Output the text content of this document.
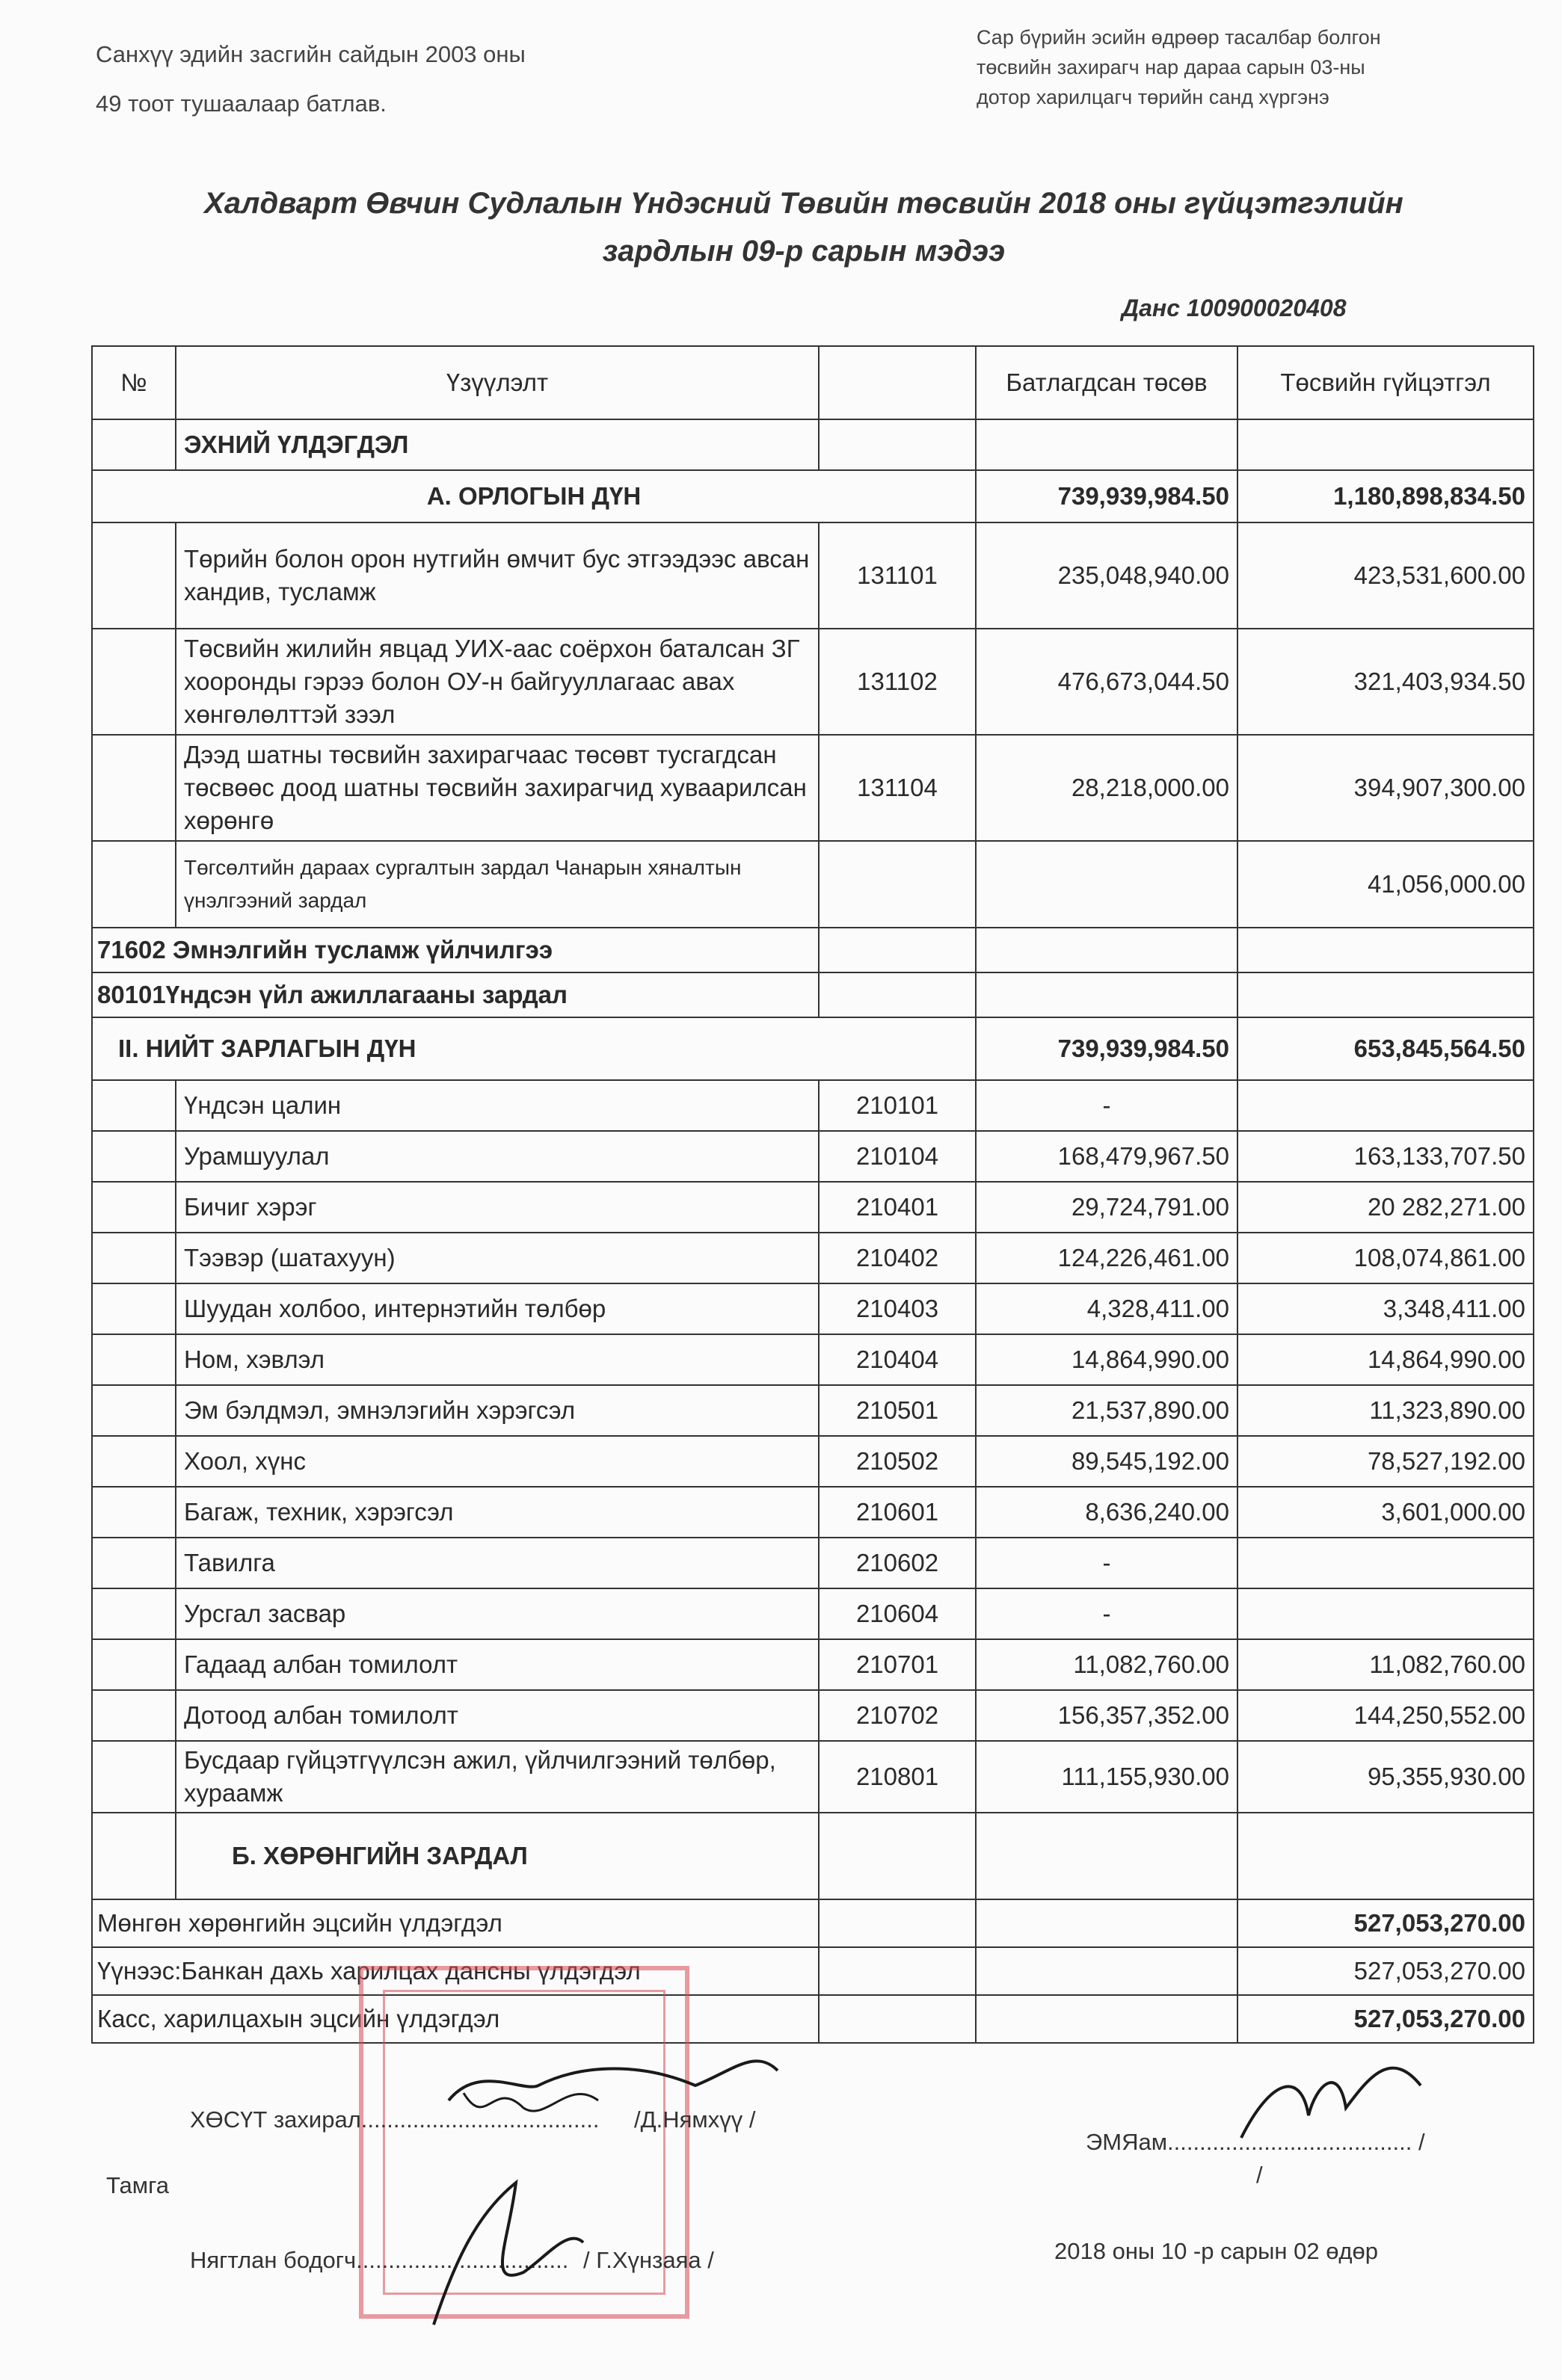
Санхүү эдийн засгийн сайдын 2003 оны
49 тоот тушаалаар батлав.
Сар бүрийн эсийн өдрөөр тасалбар болгон
төсвийн захирагч нар дараа сарын 03-ны
дотор харилцагч төрийн санд хүргэнэ
Халдварт Өвчин Судлалын Үндэсний Төвийн төсвийн 2018 оны гүйцэтгэлийн
зардлын 09-р сарын мэдээ
Данс 100900020408
№	Үзүүлэлт		Батлагдсан төсөв	Төсвийн гүйцэтгэл
	ЭХНИЙ ҮЛДЭГДЭЛ			
А. ОРЛОГЫН ДҮН			739,939,984.50	1,180,898,834.50
	Төрийн болон орон нутгийн өмчит бус этгээдээс авсан хандив, тусламж	131101	235,048,940.00	423,531,600.00
	Төсвийн жилийн явцад УИХ-аас соёрхон баталсан ЗГ хооронды гэрээ болон ОУ-н байгууллагаас авах хөнгөлөлттэй зээл	131102	476,673,044.50	321,403,934.50
	Дээд шатны төсвийн захирагчаас төсөвт тусгагдсан төсвөөс доод шатны төсвийн захирагчид хуваарилсан хөрөнгө	131104	28,218,000.00	394,907,300.00
	Төгсөлтийн дараах сургалтын зардал Чанарын хяналтын үнэлгээний зардал			41,056,000.00
71602 Эмнэлгийн тусламж үйлчилгээ				
80101Үндсэн үйл ажиллагааны зардал				
II. НИЙТ ЗАРЛАГЫН ДҮН			739,939,984.50	653,845,564.50
	Үндсэн цалин	210101	-	
	Урамшуулал	210104	168,479,967.50	163,133,707.50
	Бичиг хэрэг	210401	29,724,791.00	20 282,271.00
	Тээвэр (шатахуун)	210402	124,226,461.00	108,074,861.00
	Шуудан холбоо, интернэтийн төлбөр	210403	4,328,411.00	3,348,411.00
	Ном, хэвлэл	210404	14,864,990.00	14,864,990.00
	Эм бэлдмэл, эмнэлэгийн хэрэгсэл	210501	21,537,890.00	11,323,890.00
	Хоол, хүнс	210502	89,545,192.00	78,527,192.00
	Багаж, техник, хэрэгсэл	210601	8,636,240.00	3,601,000.00
	Тавилга	210602	-	
	Урсгал засвар	210604	-	
	Гадаад албан томилолт	210701	11,082,760.00	11,082,760.00
	Дотоод албан томилолт	210702	156,357,352.00	144,250,552.00
	Бусдаар гүйцэтгүүлсэн ажил, үйлчилгээний төлбөр, хураамж	210801	111,155,930.00	95,355,930.00
	Б. ХӨРӨНГИЙН ЗАРДАЛ			
Мөнгөн хөрөнгийн эцсийн үлдэгдэл				527,053,270.00
Үүнээс:Банкан дахь харилцах дансны үлдэгдэл				527,053,270.00
Касс, харилцахын эцсийн үлдэгдэл				527,053,270.00
ХӨСҮТ захирал..................................... /Д.Нямхүү /
Тамга
Нягтлан бодогч................................. / Г.Хүнзаяа /
ЭМЯам...................................... /
/
2018 оны 10 -р сарын 02 өдөр
